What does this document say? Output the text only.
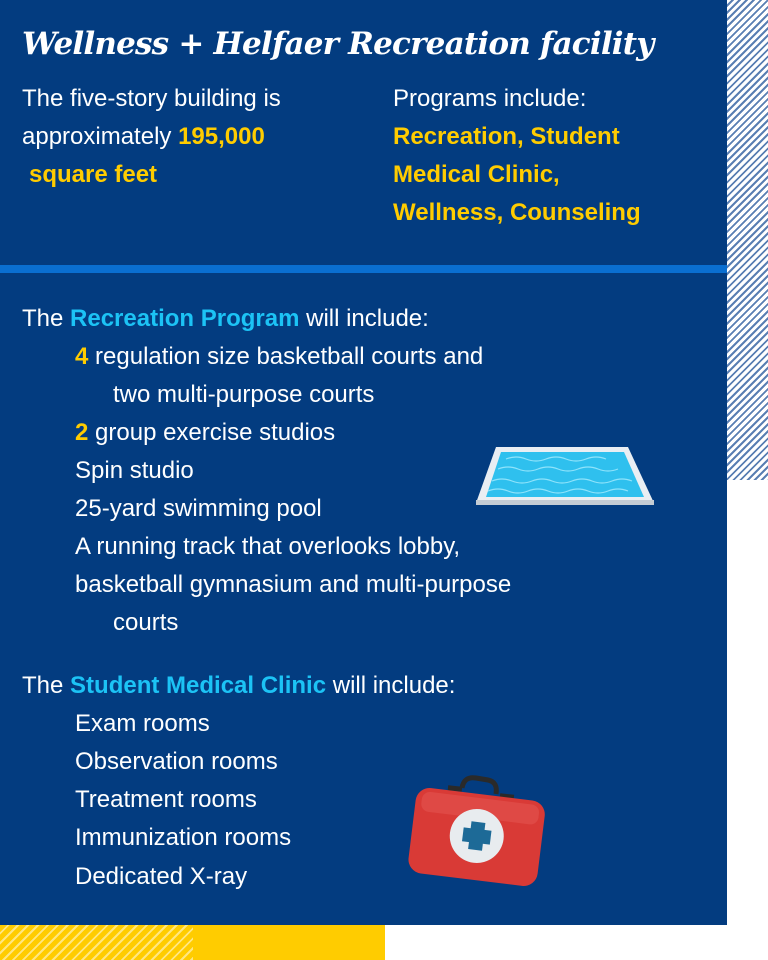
Wellness + Helfaer Recreation facility
The five-story building is
approximately 195,000
square feet
Programs include:
Recreation, Student
Medical Clinic,
Wellness, Counseling
The Recreation Program will include:
4 regulation size basketball courts and
two multi-purpose courts
2 group exercise studios
Spin studio
25-yard swimming pool
A running track that overlooks lobby,
basketball gymnasium and multi-purpose
courts
The Student Medical Clinic will include:
Exam rooms
Observation rooms
Treatment rooms
Immunization rooms
Dedicated X-ray
